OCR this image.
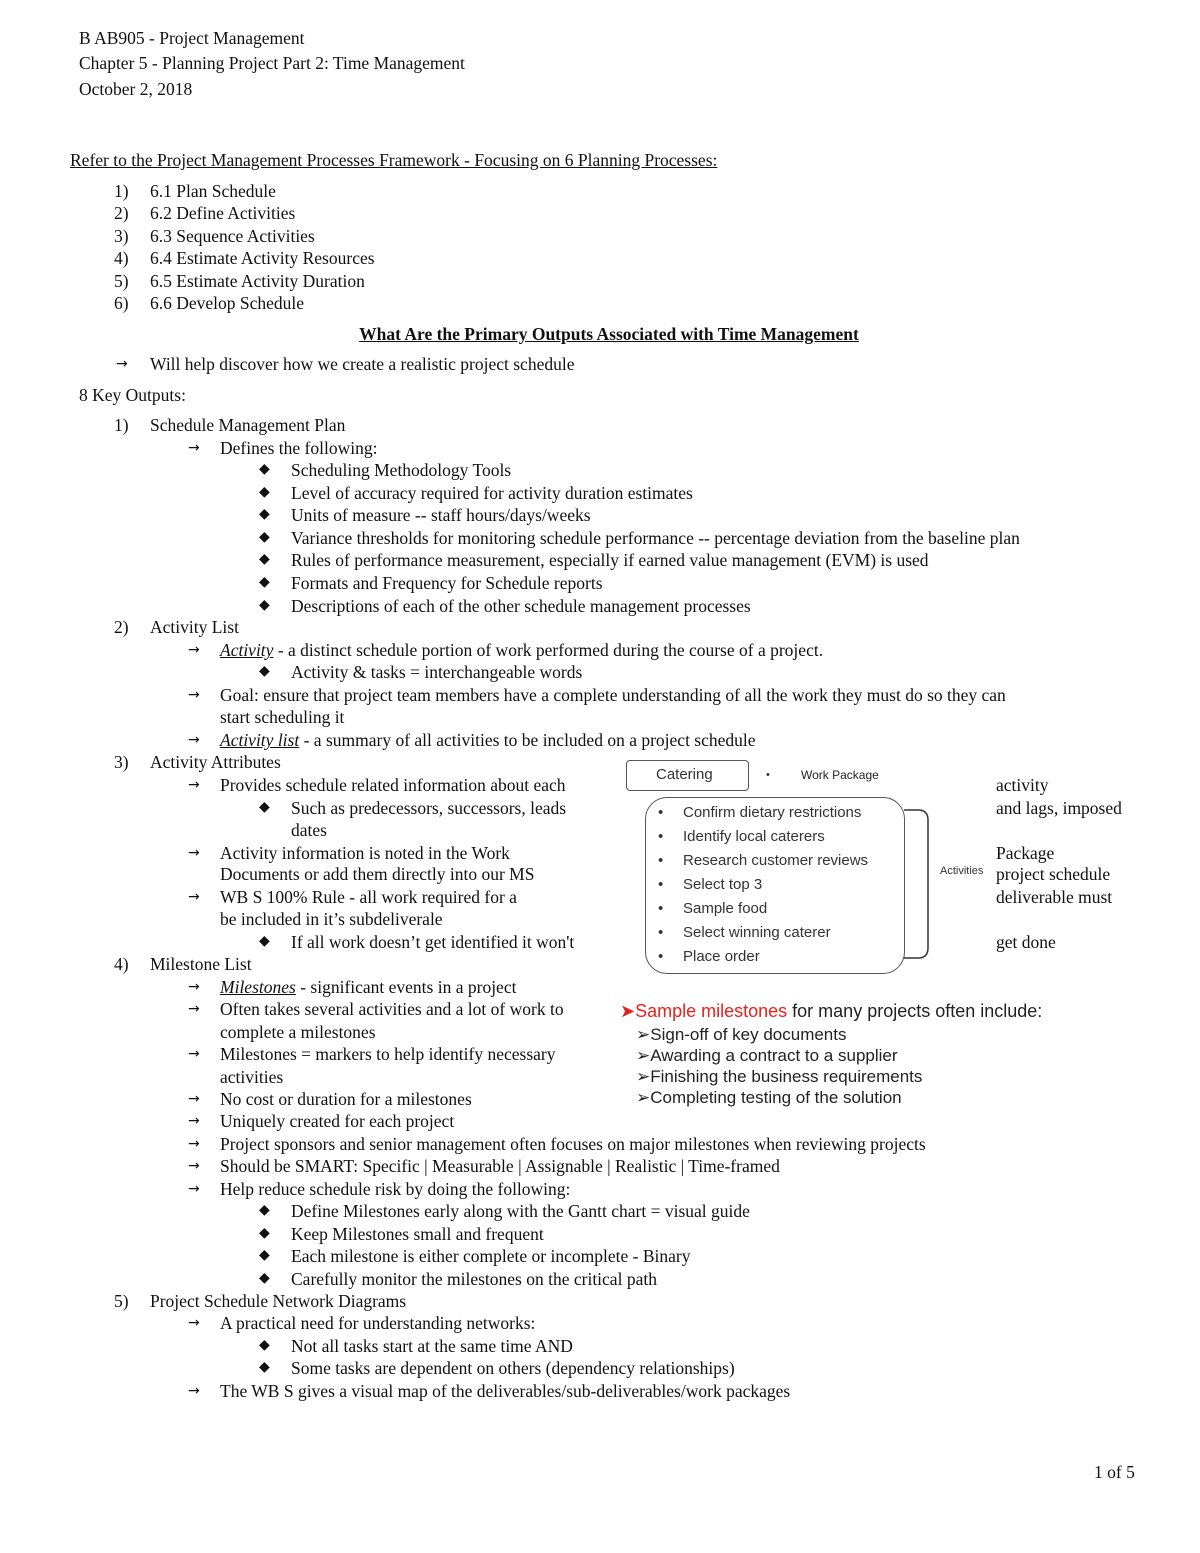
B AB905 - Project Management
Chapter 5 - Planning Project Part 2: Time Management
October 2, 2018
Refer to the Project Management Processes Framework - Focusing on 6 Planning Processes:
1) 6.1 Plan Schedule
2) 6.2 Define Activities
3) 6.3 Sequence Activities
4) 6.4 Estimate Activity Resources
5) 6.5 Estimate Activity Duration
6) 6.6 Develop Schedule
What Are the Primary Outputs Associated with Time Management
→ Will help discover how we create a realistic project schedule
8 Key Outputs:
1) Schedule Management Plan
→ Defines the following:
◆ Scheduling Methodology Tools
◆ Level of accuracy required for activity duration estimates
◆ Units of measure -- staff hours/days/weeks
◆ Variance thresholds for monitoring schedule performance -- percentage deviation from the baseline plan
◆ Rules of performance measurement, especially if earned value management (EVM) is used
◆ Formats and Frequency for Schedule reports
◆ Descriptions of each of the other schedule management processes
2) Activity List
→ Activity - a distinct schedule portion of work performed during the course of a project.
◆ Activity & tasks = interchangeable words
→ Goal: ensure that project team members have a complete understanding of all the work they must do so they can
start scheduling it
→ Activity list - a summary of all activities to be included on a project schedule
3) Activity Attributes
→ Provides schedule related information about each	activity
◆ Such as predecessors, successors, leads	and lags, imposed
dates
→ Activity information is noted in the Work	Package
Documents or add them directly into our MS	project schedule
→ WB S 100% Rule - all work required for a	deliverable must
be included in it’s subdeliverale
◆ If all work doesn’t get identified it won't	get done
Catering	•	Work Package
Activities
• Confirm dietary restrictions
• Identify local caterers
• Research customer reviews
• Select top 3
• Sample food
• Select winning caterer
• Place order
4) Milestone List
→ Milestones - significant events in a project
→ Often takes several activities and a lot of work to
complete a milestones
→ Milestones = markers to help identify necessary
activities
→ No cost or duration for a milestones
→ Uniquely created for each project
→ Project sponsors and senior management often focuses on major milestones when reviewing projects
→ Should be SMART: Specific | Measurable | Assignable | Realistic | Time-framed
→ Help reduce schedule risk by doing the following:
◆ Define Milestones early along with the Gantt chart = visual guide
◆ Keep Milestones small and frequent
◆ Each milestone is either complete or incomplete - Binary
◆ Carefully monitor the milestones on the critical path
➤Sample milestones for many projects often include:
➢Sign-off of key documents
➢Awarding a contract to a supplier
➢Finishing the business requirements
➢Completing testing of the solution
5) Project Schedule Network Diagrams
→ A practical need for understanding networks:
◆ Not all tasks start at the same time AND
◆ Some tasks are dependent on others (dependency relationships)
→ The WB S gives a visual map of the deliverables/sub-deliverables/work packages
1 of 5
